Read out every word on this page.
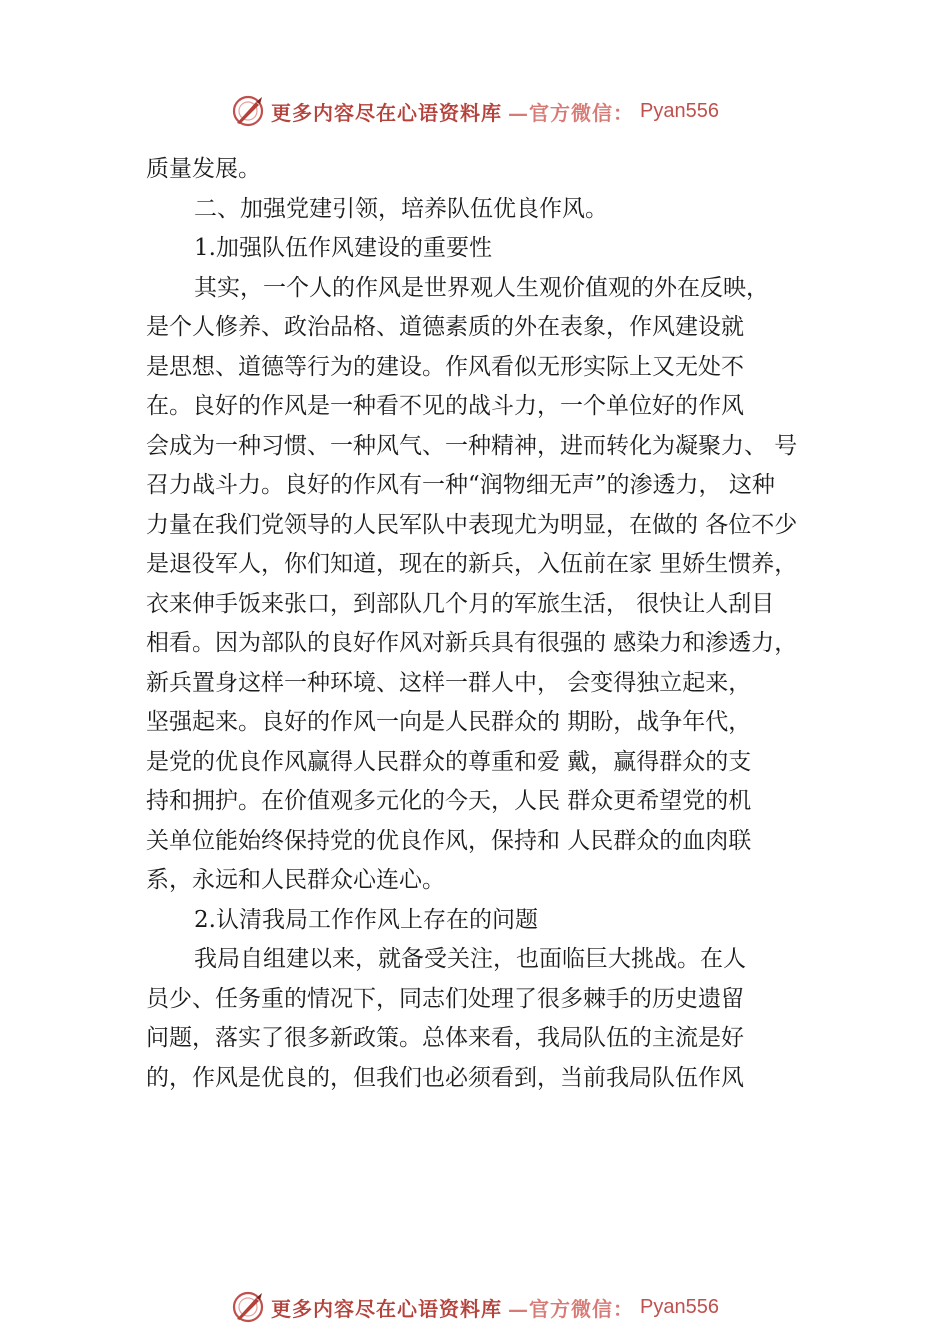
更多内容尽在心语资料库 —官方微信： Pyan556
质量发展。
二、加强党建引领，培养队伍优良作风。
1.加强队伍作风建设的重要性
其实，一个人的作风是世界观人生观价值观的外在反映，
是个人修养、政治品格、道德素质的外在表象，作风建设就
是思想、道德等行为的建设。作风看似无形实际上又无处不
在。良好的作风是一种看不见的战斗力，一个单位好的作风
会成为一种习惯、一种风气、一种精神，进而转化为凝聚力、 号
召力战斗力。良好的作风有一种“润物细无声”的渗透力， 这种
力量在我们党领导的人民军队中表现尤为明显，在做的 各位不少
是退役军人，你们知道，现在的新兵，入伍前在家 里娇生惯养，
衣来伸手饭来张口，到部队几个月的军旅生活， 很快让人刮目
相看。因为部队的良好作风对新兵具有很强的 感染力和渗透力，
新兵置身这样一种环境、这样一群人中， 会变得独立起来，
坚强起来。良好的作风一向是人民群众的 期盼，战争年代，
是党的优良作风赢得人民群众的尊重和爱 戴，赢得群众的支
持和拥护。在价值观多元化的今天，人民 群众更希望党的机
关单位能始终保持党的优良作风，保持和 人民群众的血肉联
系，永远和人民群众心连心。
2.认清我局工作作风上存在的问题
我局自组建以来，就备受关注，也面临巨大挑战。在人
员少、任务重的情况下，同志们处理了很多棘手的历史遗留
问题，落实了很多新政策。总体来看，我局队伍的主流是好
的，作风是优良的，但我们也必须看到，当前我局队伍作风
更多内容尽在心语资料库 —官方微信： Pyan556
